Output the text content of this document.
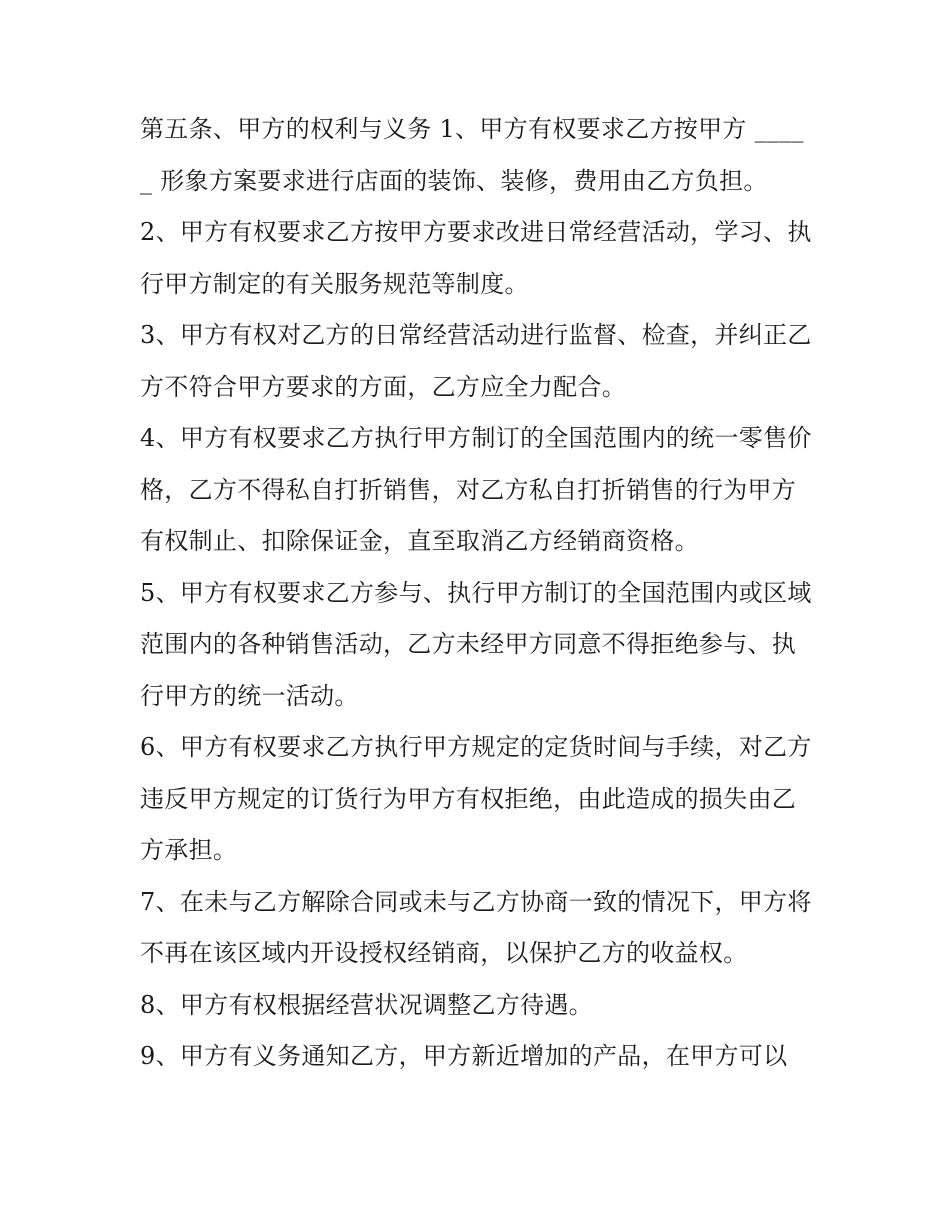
第五条、甲方的权利与义务 1、甲方有权要求乙方按甲方 _____ 形象方案要求进行店面的装饰、装修，费用由乙方负担。

2、甲方有权要求乙方按甲方要求改进日常经营活动，学习、执行甲方制定的有关服务规范等制度。

3、甲方有权对乙方的日常经营活动进行监督、检查，并纠正乙方不符合甲方要求的方面，乙方应全力配合。

4、甲方有权要求乙方执行甲方制订的全国范围内的统一零售价格，乙方不得私自打折销售，对乙方私自打折销售的行为甲方有权制止、扣除保证金，直至取消乙方经销商资格。

5、甲方有权要求乙方参与、执行甲方制订的全国范围内或区域范围内的各种销售活动，乙方未经甲方同意不得拒绝参与、执行甲方的统一活动。

6、甲方有权要求乙方执行甲方规定的定货时间与手续，对乙方违反甲方规定的订货行为甲方有权拒绝，由此造成的损失由乙方承担。

7、在未与乙方解除合同或未与乙方协商一致的情况下，甲方将不再在该区域内开设授权经销商，以保护乙方的收益权。

8、甲方有权根据经营状况调整乙方待遇。

9、甲方有义务通知乙方，甲方新近增加的产品，在甲方可以
